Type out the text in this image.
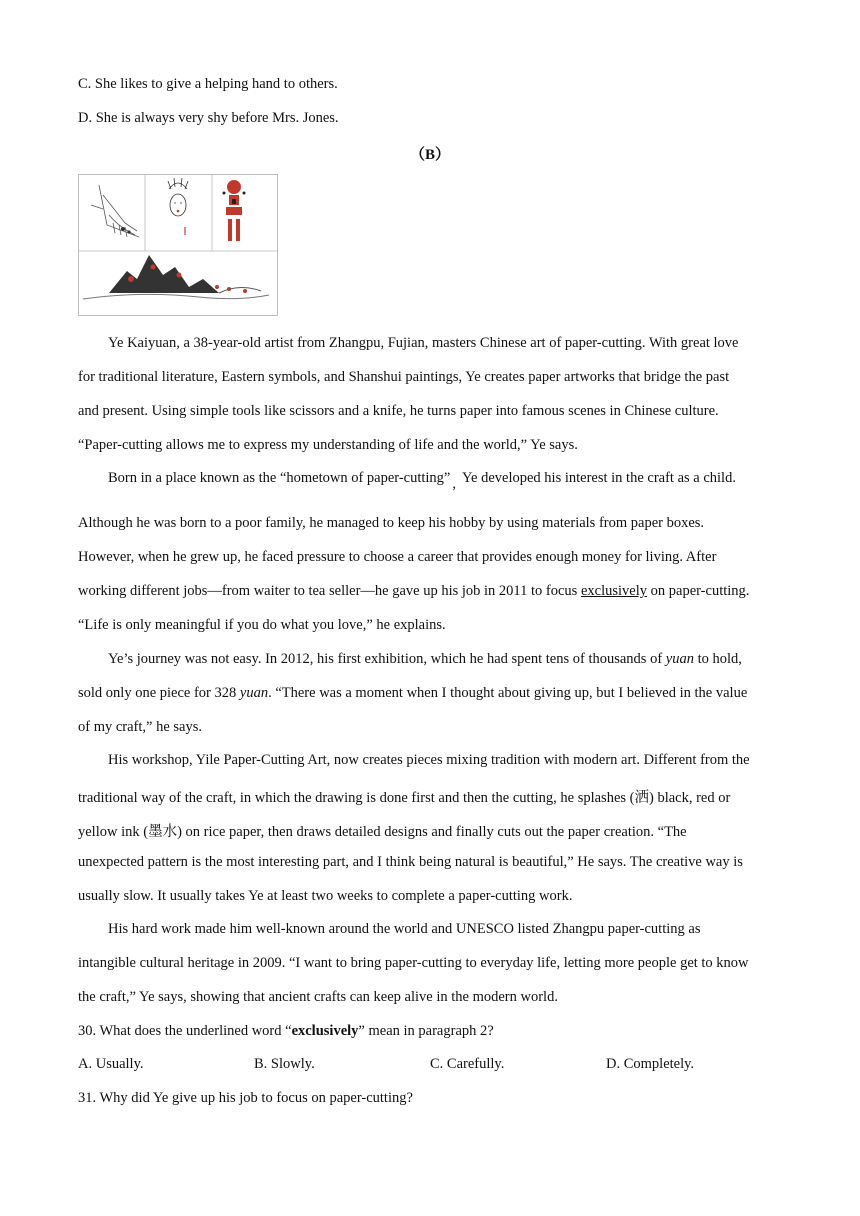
C. She likes to give a helping hand to others.
D. She is always very shy before Mrs. Jones.
（B）
Ye Kaiyuan, a 38-year-old artist from Zhangpu, Fujian, masters Chinese art of paper-cutting. With great love
for traditional literature, Eastern symbols, and Shanshui paintings, Ye creates paper artworks that bridge the past
and present. Using simple tools like scissors and a knife, he turns paper into famous scenes in Chinese culture.
“Paper-cutting allows me to express my understanding of life and the world,” Ye says.
Born in a place known as the “hometown of paper-cutting” , Ye developed his interest in the craft as a child.
Although he was born to a poor family, he managed to keep his hobby by using materials from paper boxes.
However, when he grew up, he faced pressure to choose a career that provides enough money for living. After
working different jobs—from waiter to tea seller—he gave up his job in 2011 to focus exclusively on paper-cutting.
“Life is only meaningful if you do what you love,” he explains.
Ye’s journey was not easy. In 2012, his first exhibition, which he had spent tens of thousands of yuan to hold,
sold only one piece for 328 yuan. “There was a moment when I thought about giving up, but I believed in the value
of my craft,” he says.
His workshop, Yile Paper-Cutting Art, now creates pieces mixing tradition with modern art. Different from the
traditional way of the craft, in which the drawing is done first and then the cutting, he splashes (洒) black, red or
yellow ink (墨水) on rice paper, then draws detailed designs and finally cuts out the paper creation. “The
unexpected pattern is the most interesting part, and I think being natural is beautiful,” He says. The creative way is
usually slow. It usually takes Ye at least two weeks to complete a paper-cutting work.
His hard work made him well-known around the world and UNESCO listed Zhangpu paper-cutting as
intangible cultural heritage in 2009. “I want to bring paper-cutting to everyday life, letting more people get to know
the craft,” Ye says, showing that ancient crafts can keep alive in the modern world.
30. What does the underlined word “exclusively” mean in paragraph 2?
A. Usually.	B. Slowly.	C. Carefully.	D. Completely.
31. Why did Ye give up his job to focus on paper-cutting?
